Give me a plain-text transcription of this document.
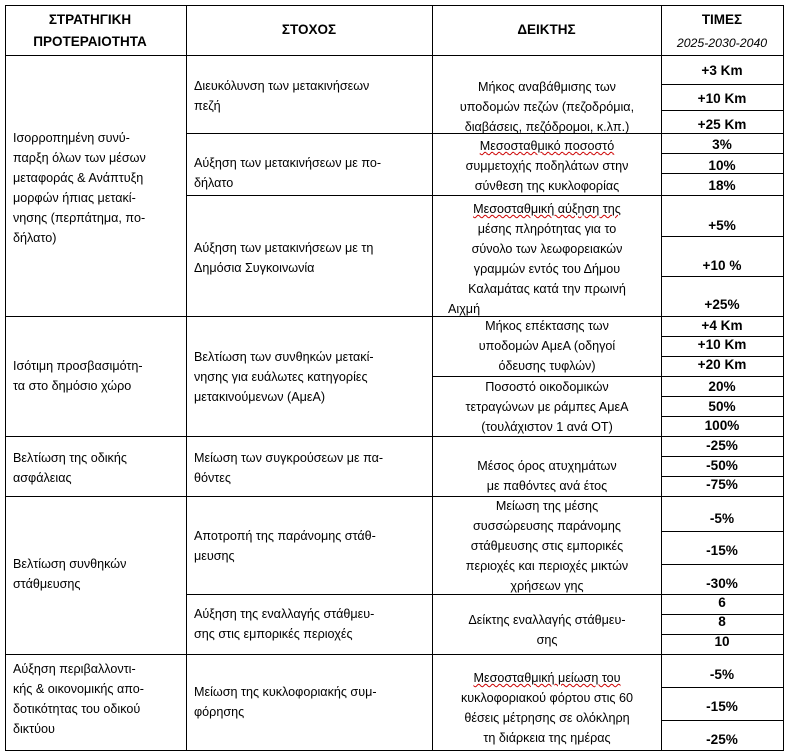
ΣΤΡΑΤΗΓΙΚΗ
ΠΡΟΤΕΡΑΙΟΤΗΤΑ
ΣΤΟΧΟΣ	ΔΕΙΚΤΗΣ
ΤΙΜΕΣ
2025-2030-2040
Ισορροπημένη συνύ-
παρξη όλων των μέσων
μεταφοράς & Ανάπτυξη
μορφών ήπιας μετακί-
νησης (περπάτημα, πο-
δήλατο)
Ισότιμη προσβασιμότη-
τα στο δημόσιο χώρο
Βελτίωση της οδικής
ασφάλειας
Βελτίωση συνθηκών
στάθμευσης
Αύξηση περιβαλλοντι-
κής & οικονομικής απο-
δοτικότητας του οδικού
δικτύου
Διευκόλυνση των μετακινήσεων
πεζή
Αύξηση των μετακινήσεων με πο-
δήλατο
Αύξηση των μετακινήσεων με τη
Δημόσια Συγκοινωνία
Βελτίωση των συνθηκών μετακί-
νησης για ευάλωτες κατηγορίες
μετακινούμενων (ΑμεΑ)
Μείωση των συγκρούσεων με πα-
θόντες
Αποτροπή της παράνομης στάθ-
μευσης
Αύξηση της εναλλαγής στάθμευ-
σης στις εμπορικές περιοχές
Μείωση της κυκλοφοριακής συμ-
φόρησης
Μήκος αναβάθμισης των
υποδομών πεζών (πεζοδρόμια,
διαβάσεις, πεζόδρομοι, κ.λπ.)
Μεσοσταθμικό ποσοστό
συμμετοχής ποδηλάτων στην
σύνθεση της κυκλοφορίας
Μεσοσταθμική αύξηση της
μέσης πληρότητας για το
σύνολο των λεωφορειακών
γραμμών εντός του Δήμου
Καλαμάτας κατά την πρωινή
Αιχμή
Μήκος επέκτασης των
υποδομών ΑμεΑ (οδηγοί
όδευσης τυφλών)
Ποσοστό οικοδομικών
τετραγώνων με ράμπες ΑμεΑ
(τουλάχιστον 1 ανά ΟΤ)
Μέσος όρος ατυχημάτων
με παθόντες ανά έτος
Μείωση της μέσης
συσσώρευσης παράνομης
στάθμευσης στις εμπορικές
περιοχές και περιοχές μικτών
χρήσεων γης
Δείκτης εναλλαγής στάθμευ-
σης
Μεσοσταθμική μείωση του
κυκλοφοριακού φόρτου στις 60
θέσεις μέτρησης σε ολόκληρη
τη διάρκεια της ημέρας
+3 Km
+10 Km
+25 Km
3%
10%
18%
+5%
+10 %
+25%
+4 Km
+10 Km
+20 Km
20%
50%
100%
-25%
-50%
-75%
-5%
-15%
-30%
6
8
10
-5%
-15%
-25%
